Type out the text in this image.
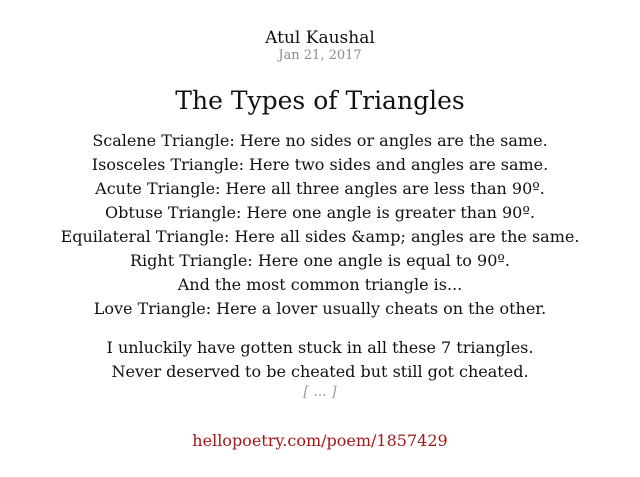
Atul Kaushal
Jan 21, 2017
The Types of Triangles
Scalene Triangle: Here no sides or angles are the same.
Isosceles Triangle: Here two sides and angles are same.
Acute Triangle: Here all three angles are less than 90º.
Obtuse Triangle: Here one angle is greater than 90º.
Equilateral Triangle: Here all sides &amp; angles are the same.
Right Triangle: Here one angle is equal to 90º.
And the most common triangle is...
Love Triangle: Here a lover usually cheats on the other.
I unluckily have gotten stuck in all these 7 triangles.
Never deserved to be cheated but still got cheated.
[ ... ]
hellopoetry.com/poem/1857429
